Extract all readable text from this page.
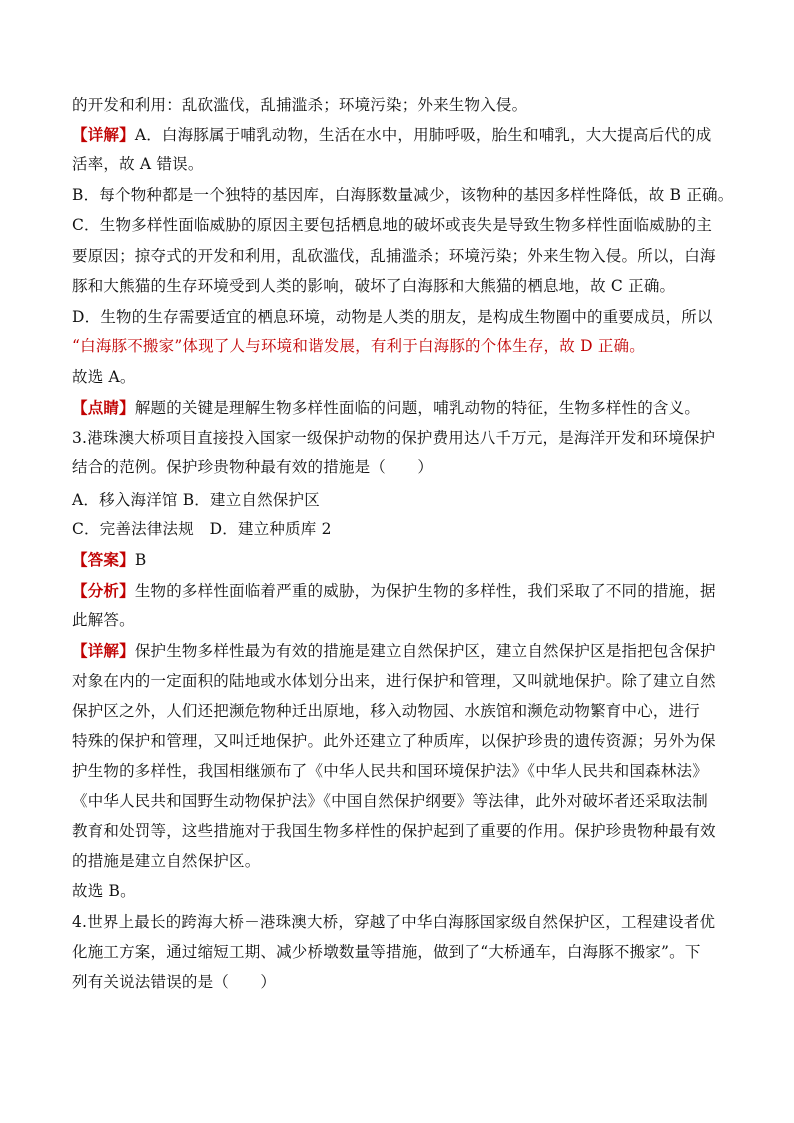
的开发和利用：乱砍滥伐，乱捕滥杀；环境污染；外来生物入侵。
【详解】A．白海豚属于哺乳动物，生活在水中，用肺呼吸，胎生和哺乳，大大提高后代的成
活率，故 A 错误。
B．每个物种都是一个独特的基因库，白海豚数量减少，该物种的基因多样性降低，故 B 正确。
C．生物多样性面临威胁的原因主要包括栖息地的破坏或丧失是导致生物多样性面临威胁的主
要原因；掠夺式的开发和利用，乱砍滥伐，乱捕滥杀；环境污染；外来生物入侵。所以，白海
豚和大熊猫的生存环境受到人类的影响，破坏了白海豚和大熊猫的栖息地，故 C 正确。
D．生物的生存需要适宜的栖息环境，动物是人类的朋友，是构成生物圈中的重要成员，所以
“白海豚不搬家”体现了人与环境和谐发展，有利于白海豚的个体生存，故 D 正确。
故选 A。
【点睛】解题的关键是理解生物多样性面临的问题，哺乳动物的特征，生物多样性的含义。
3.港珠澳大桥项目直接投入国家一级保护动物的保护费用达八千万元，是海洋开发和环境保护
结合的范例。保护珍贵物种最有效的措施是（　　）
A．移入海洋馆 B．建立自然保护区
C．完善法律法规　D．建立种质库 2
【答案】B
【分析】生物的多样性面临着严重的威胁，为保护生物的多样性，我们采取了不同的措施，据
此解答。
【详解】保护生物多样性最为有效的措施是建立自然保护区，建立自然保护区是指把包含保护
对象在内的一定面积的陆地或水体划分出来，进行保护和管理，又叫就地保护。除了建立自然
保护区之外，人们还把濒危物种迁出原地，移入动物园、水族馆和濒危动物繁育中心，进行
特殊的保护和管理，又叫迁地保护。此外还建立了种质库，以保护珍贵的遗传资源；另外为保
护生物的多样性，我国相继颁布了《中华人民共和国环境保护法》《中华人民共和国森林法》
《中华人民共和国野生动物保护法》《中国自然保护纲要》等法律，此外对破坏者还采取法制
教育和处罚等，这些措施对于我国生物多样性的保护起到了重要的作用。保护珍贵物种最有效
的措施是建立自然保护区。
故选 B。
4.世界上最长的跨海大桥－港珠澳大桥，穿越了中华白海豚国家级自然保护区，工程建设者优
化施工方案，通过缩短工期、减少桥墩数量等措施，做到了“大桥通车，白海豚不搬家”。下
列有关说法错误的是（　　）
